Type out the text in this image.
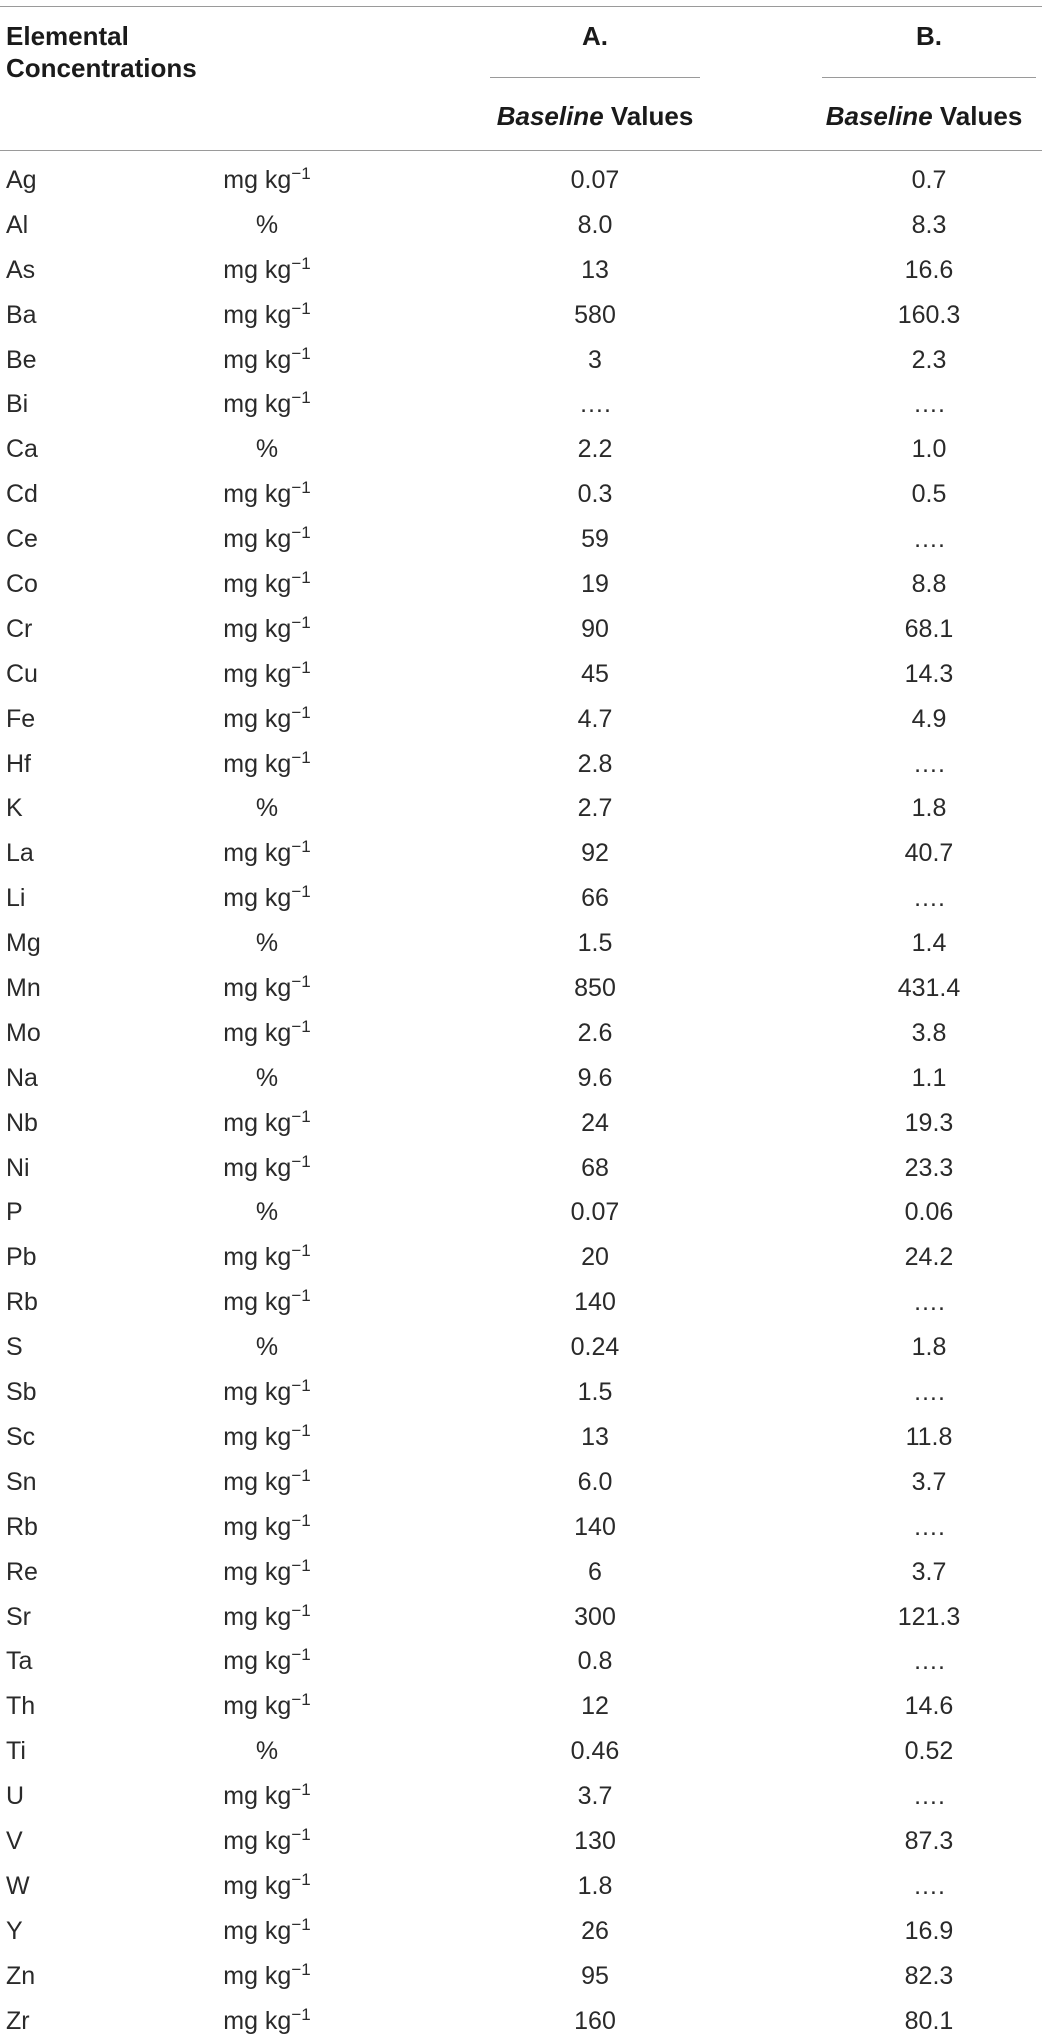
Elemental Concentrations
A.	B.
Baseline Values	Baseline Values
Ag	mg $kg^{-1}$	0.07	0.7
Al	%	8.0	8.3
As	mg $kg^{-1}$	13	16.6
Ba	mg $kg^{-1}$	580	160.3
Be	mg $kg^{-1}$	3	2.3
Bi	mg $kg^{-1}$	….	….
Ca	%	2.2	1.0
Cd	mg $kg^{-1}$	0.3	0.5
Ce	mg $kg^{-1}$	59	….
Co	mg $kg^{-1}$	19	8.8
Cr	mg $kg^{-1}$	90	68.1
Cu	mg $kg^{-1}$	45	14.3
Fe	mg $kg^{-1}$	4.7	4.9
Hf	mg $kg^{-1}$	2.8	….
K	%	2.7	1.8
La	mg $kg^{-1}$	92	40.7
Li	mg $kg^{-1}$	66	….
Mg	%	1.5	1.4
Mn	mg $kg^{-1}$	850	431.4
Mo	mg $kg^{-1}$	2.6	3.8
Na	%	9.6	1.1
Nb	mg $kg^{-1}$	24	19.3
Ni	mg $kg^{-1}$	68	23.3
P	%	0.07	0.06
Pb	mg $kg^{-1}$	20	24.2
Rb	mg $kg^{-1}$	140	….
S	%	0.24	1.8
Sb	mg $kg^{-1}$	1.5	….
Sc	mg $kg^{-1}$	13	11.8
Sn	mg $kg^{-1}$	6.0	3.7
Rb	mg $kg^{-1}$	140	….
Re	mg $kg^{-1}$	6	3.7
Sr	mg $kg^{-1}$	300	121.3
Ta	mg $kg^{-1}$	0.8	….
Th	mg $kg^{-1}$	12	14.6
Ti	%	0.46	0.52
U	mg $kg^{-1}$	3.7	….
V	mg $kg^{-1}$	130	87.3
W	mg $kg^{-1}$	1.8	….
Y	mg $kg^{-1}$	26	16.9
Zn	mg $kg^{-1}$	95	82.3
Zr	mg $kg^{-1}$	160	80.1
